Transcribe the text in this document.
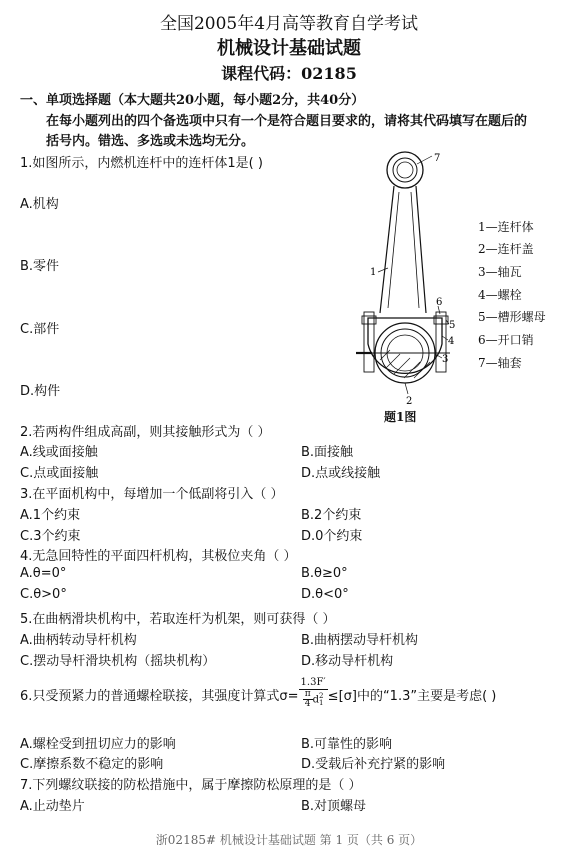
全国2005年4月高等教育自学考试
机械设计基础试题
课程代码：02185
一、单项选择题（本大题共20小题，每小题2分，共40分）
在每小题列出的四个备选项中只有一个是符合题目要求的，请将其代码填写在题后的
括号内。错选、多选或未选均无分。
1.如图所示，内燃机连杆中的连杆体1是( )
A.机构
B.零件
C.部件
D.构件
7
1
6
5
4
3
2
题1图
1—连杆体
2—连杆盖
3—轴瓦
4—螺栓
5—槽形螺母
6—开口销
7—轴套
2.若两构件组成高副，则其接触形式为（ ）
A.线或面接触	B.面接触
C.点或面接触	D.点或线接触
3.在平面机构中，每增加一个低副将引入（ ）
A.1个约束	B.2个约束
C.3个约束	D.0个约束
4.无急回特性的平面四杆机构，其极位夹角（ ）
A.θ=0°	B.θ≥0°
C.θ>0°	D.θ<0°
5.在曲柄滑块机构中，若取连杆为机架，则可获得（ ）
A.曲柄转动导杆机构	B.曲柄摆动导杆机构
C.摆动导杆滑块机构（摇块机构）	D.移动导杆机构
6.只受预紧力的普通螺栓联接，其强度计算式σ= 1.3F′
$\frac{\pi}{4}$ d 2
1 ≤[σ]中的“1.3”主要是考虑( )
A.螺栓受到扭切应力的影响	B.可靠性的影响
C.摩擦系数不稳定的影响	D.受载后补充拧紧的影响
7.下列螺纹联接的防松措施中，属于摩擦防松原理的是（ ）
A.止动垫片	B.对顶螺母
浙02185# 机械设计基础试题 第 1 页（共 6 页）
